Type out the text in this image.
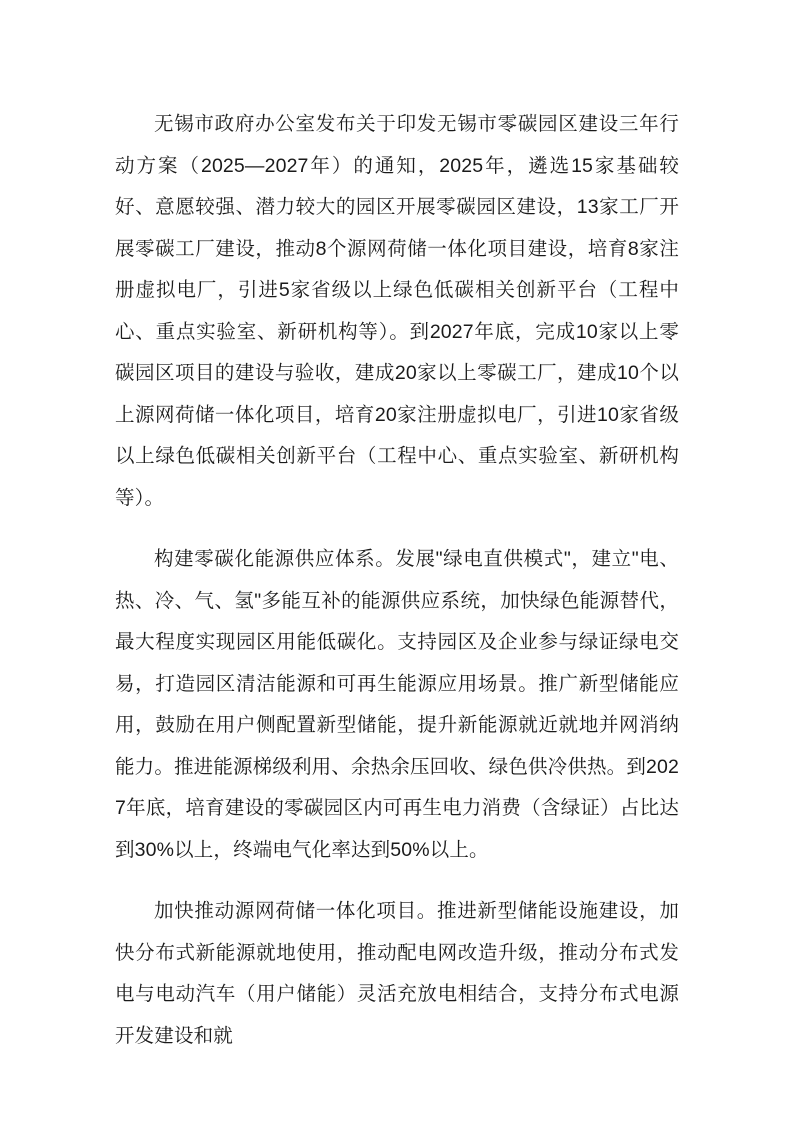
无锡市政府办公室发布关于印发无锡市零碳园区建设三年行动方案（2025—2027年）的通知，2025年，遴选15家基础较好、意愿较强、潜力较大的园区开展零碳园区建设，13家工厂开展零碳工厂建设，推动8个源网荷储一体化项目建设，培育8家注册虚拟电厂，引进5家省级以上绿色低碳相关创新平台（工程中心、重点实验室、新研机构等）。到2027年底，完成10家以上零碳园区项目的建设与验收，建成20家以上零碳工厂，建成10个以上源网荷储一体化项目，培育20家注册虚拟电厂，引进10家省级以上绿色低碳相关创新平台（工程中心、重点实验室、新研机构等）。

构建零碳化能源供应体系。发展"绿电直供模式"，建立"电、热、冷、气、氢"多能互补的能源供应系统，加快绿色能源替代，最大程度实现园区用能低碳化。支持园区及企业参与绿证绿电交易，打造园区清洁能源和可再生能源应用场景。推广新型储能应用，鼓励在用户侧配置新型储能，提升新能源就近就地并网消纳能力。推进能源梯级利用、余热余压回收、绿色供冷供热。到2027年底，培育建设的零碳园区内可再生电力消费（含绿证）占比达到30%以上，终端电气化率达到50%以上。

加快推动源网荷储一体化项目。推进新型储能设施建设，加快分布式新能源就地使用，推动配电网改造升级，推动分布式发电与电动汽车（用户储能）灵活充放电相结合，支持分布式电源开发建设和就
